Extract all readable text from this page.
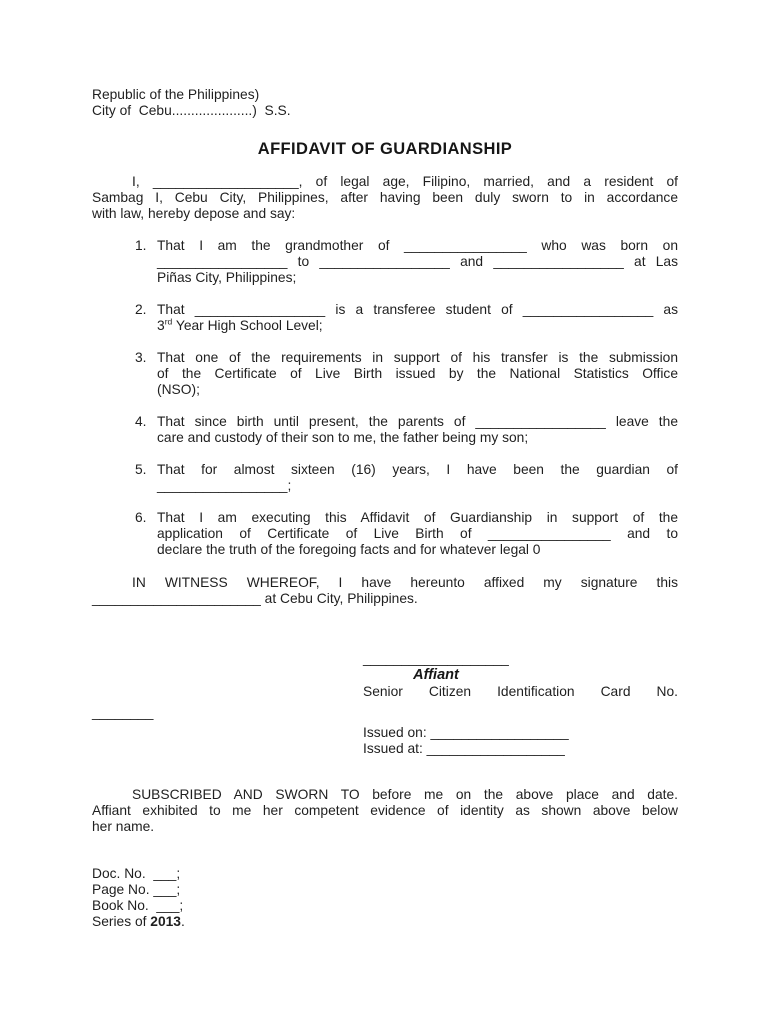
Republic of the Philippines)
City of  Cebu.....................)  S.S.
AFFIDAVIT OF GUARDIANSHIP
I, ___________________, of legal age, Filipino, married, and a resident of
Sambag I, Cebu City, Philippines, after having been duly sworn to in accordance
with law, hereby depose and say:
1. That I am the grandmother of ________________ who was born on
_________________ to _________________ and _________________ at Las
Piñas City, Philippines;
2. That _________________ is a transferee student of _________________ as
3rd Year High School Level;
3. That one of the requirements in support of his transfer is the submission
of the Certificate of Live Birth issued by the National Statistics Office
(NSO);
4. That since birth until present, the parents of _________________ leave the
care and custody of their son to me, the father being my son;
5. That for almost sixteen (16) years, I have been the guardian of
_________________;
6. That I am executing this Affidavit of Guardianship in support of the
application of Certificate of Live Birth of ________________ and to
declare the truth of the foregoing facts and for whatever legal 0
IN WITNESS WHEREOF, I have hereunto affixed my signature this
______________________ at Cebu City, Philippines.
___________________
Affiant
Senior Citizen Identification Card No.
________
Issued on: __________________
Issued at: __________________
SUBSCRIBED AND SWORN TO before me on the above place and date.
Affiant exhibited to me her competent evidence of identity as shown above below
her name.
Doc. No.  ___;
Page No. ___;
Book No.  ___;
Series of 2013.
